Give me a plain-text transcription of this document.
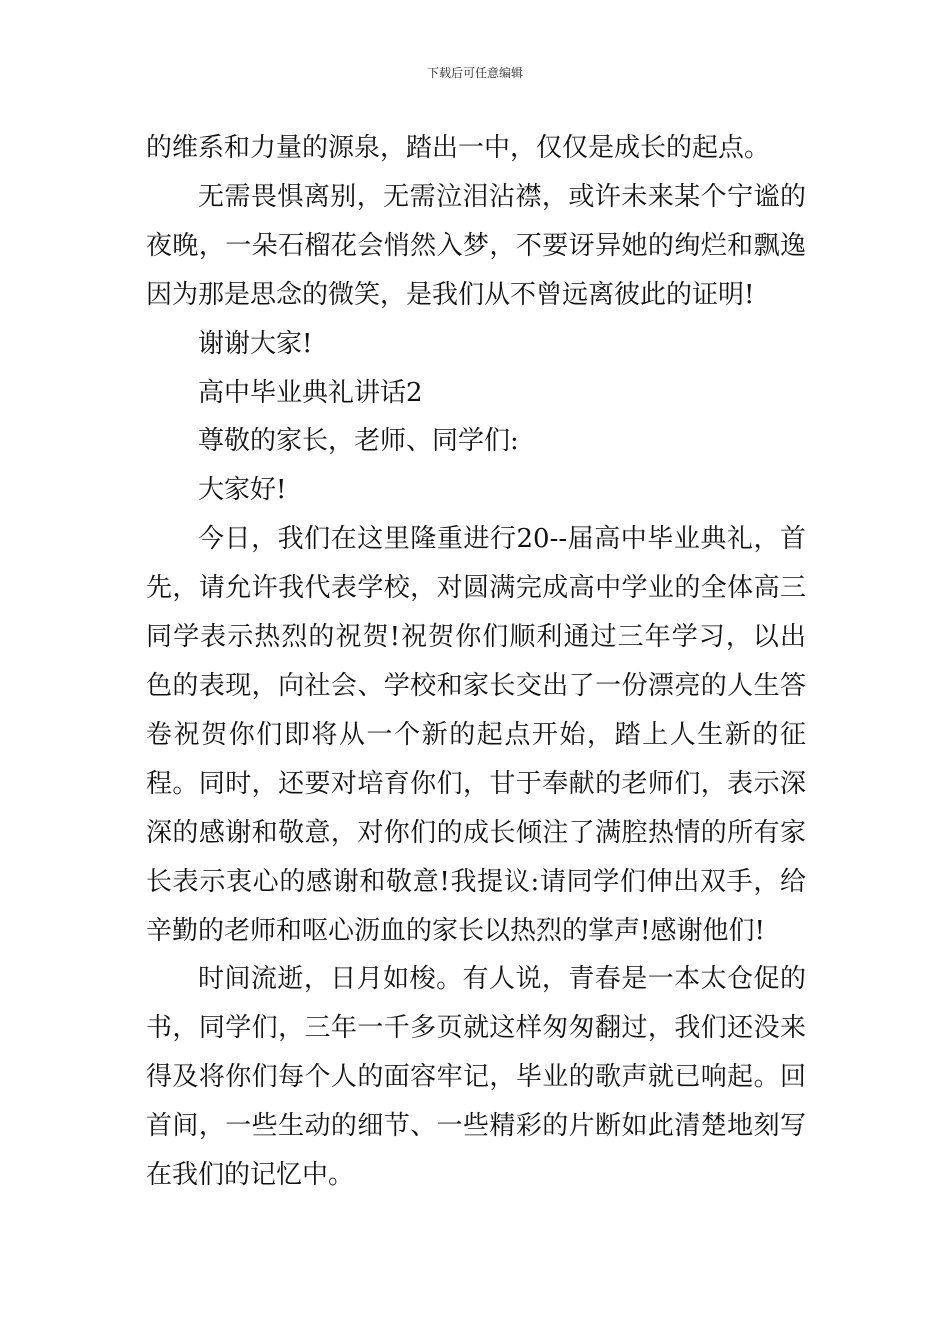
下载后可任意编辑

的维系和力量的源泉，踏出一中，仅仅是成长的起点。

无需畏惧离别，无需泣泪沾襟，或许未来某个宁谧的夜晚，一朵石榴花会悄然入梦，不要讶异她的绚烂和飘逸因为那是思念的微笑，是我们从不曾远离彼此的证明!

谢谢大家!

高中毕业典礼讲话2

尊敬的家长，老师、同学们:

大家好!

今日，我们在这里隆重进行20--届高中毕业典礼，首先，请允许我代表学校，对圆满完成高中学业的全体高三同学表示热烈的祝贺!祝贺你们顺利通过三年学习，以出色的表现，向社会、学校和家长交出了一份漂亮的人生答卷祝贺你们即将从一个新的起点开始，踏上人生新的征程。同时，还要对培育你们，甘于奉献的老师们，表示深深的感谢和敬意，对你们的成长倾注了满腔热情的所有家长表示衷心的感谢和敬意!我提议:请同学们伸出双手，给辛勤的老师和呕心沥血的家长以热烈的掌声!感谢他们!

时间流逝，日月如梭。有人说，青春是一本太仓促的书，同学们，三年一千多页就这样匆匆翻过，我们还没来得及将你们每个人的面容牢记，毕业的歌声就已响起。回首间，一些生动的细节、一些精彩的片断如此清楚地刻写在我们的记忆中。
